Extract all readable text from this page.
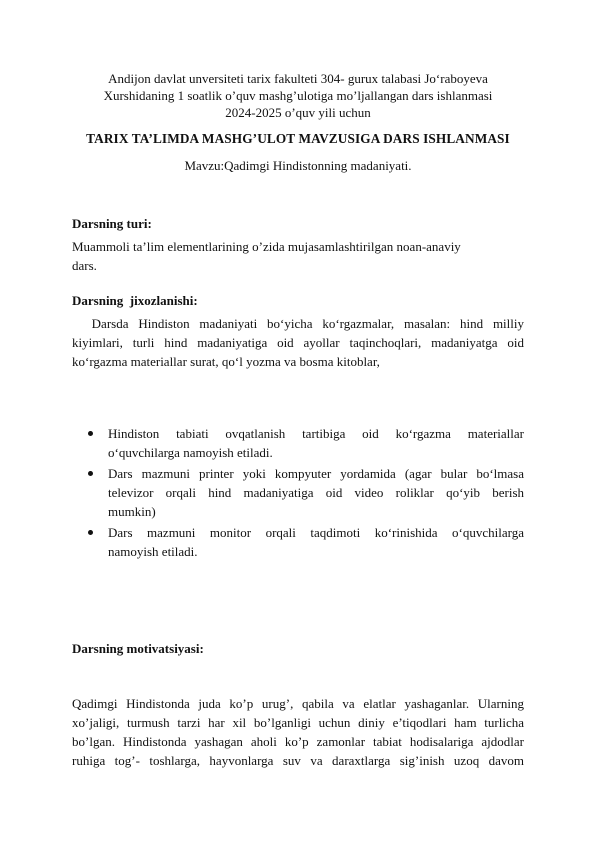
Andijon davlat unversiteti tarix fakulteti 304- gurux talabasi Jo‘raboyeva
Xurshidaning 1 soatlik o’quv mashg’ulotiga mo’ljallangan dars ishlanmasi
2024-2025 o’quv yili uchun
TARIX TA’LIMDA MASHG’ULOT MAVZUSIGA DARS ISHLANMASI
Mavzu:Qadimgi Hindistonning madaniyati.
Darsning turi:
Muammoli ta’lim elementlarining o’zida mujasamlashtirilgan noan-anaviy
dars.
Darsning  jixozlanishi:
Darsda Hindiston madaniyati bo‘yicha ko‘rgazmalar, masalan: hind milliy
kiyimlari, turli hind madaniyatiga oid ayollar taqinchoqlari, madaniyatga oid
ko‘rgazma materiallar surat, qo‘l yozma va bosma kitoblar,
Hindiston tabiati ovqatlanish tartibiga oid ko‘rgazma materiallar
o‘quvchilarga namoyish etiladi.
Dars mazmuni printer yoki kompyuter yordamida (agar bular bo‘lmasa
televizor orqali hind madaniyatiga oid video roliklar qo‘yib berish
mumkin)
Dars mazmuni monitor orqali taqdimoti ko‘rinishida o‘quvchilarga
namoyish etiladi.
Darsning motivatsiyasi:
Qadimgi Hindistonda juda ko’p urug’, qabila va elatlar yashaganlar. Ularning
xo’jaligi, turmush tarzi har xil bo’lganligi uchun diniy e’tiqodlari ham turlicha
bo’lgan. Hindistonda yashagan aholi ko’p zamonlar tabiat hodisalariga ajdodlar
ruhiga tog’- toshlarga, hayvonlarga suv va daraxtlarga sig’inish uzoq davom
